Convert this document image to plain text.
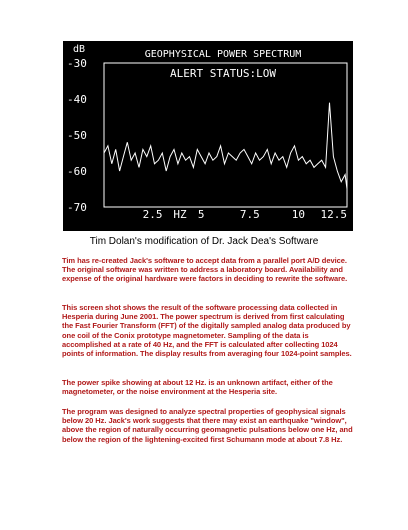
GEOPHYSICAL POWER SPECTRUM
ALERT STATUS:LOW
dB
HZ
-30
-40
-50
-60
-70
2.5	5	7.5	10 12.5
Tim Dolan's modification of Dr. Jack Dea's Software

Tim has re-created Jack's software to accept data from a parallel port A/D device. The original software was written to address a laboratory board. Availability and expense of the original hardware were factors in deciding to rewrite the software.

This screen shot shows the result of the software processing data collected in Hesperia during June 2001. The power spectrum is derived from first calculating the Fast Fourier Transform (FFT) of the digitally sampled analog data produced by one coil of the Conix prototype magnetometer. Sampling of the data is accomplished at a rate of 40 Hz, and the FFT is calculated after collecting 1024 points of information. The display results from averaging four 1024-point samples.

The power spike showing at about 12 Hz. is an unknown artifact, either of the magnetometer, or the noise environment at the Hesperia site.

The program was designed to analyze spectral properties of geophysical signals below 20 Hz. Jack's work suggests that there may exist an earthquake "window", above the region of naturally occurring geomagnetic pulsations below one Hz, and below the region of the lightening-excited first Schumann mode at about 7.8 Hz.
